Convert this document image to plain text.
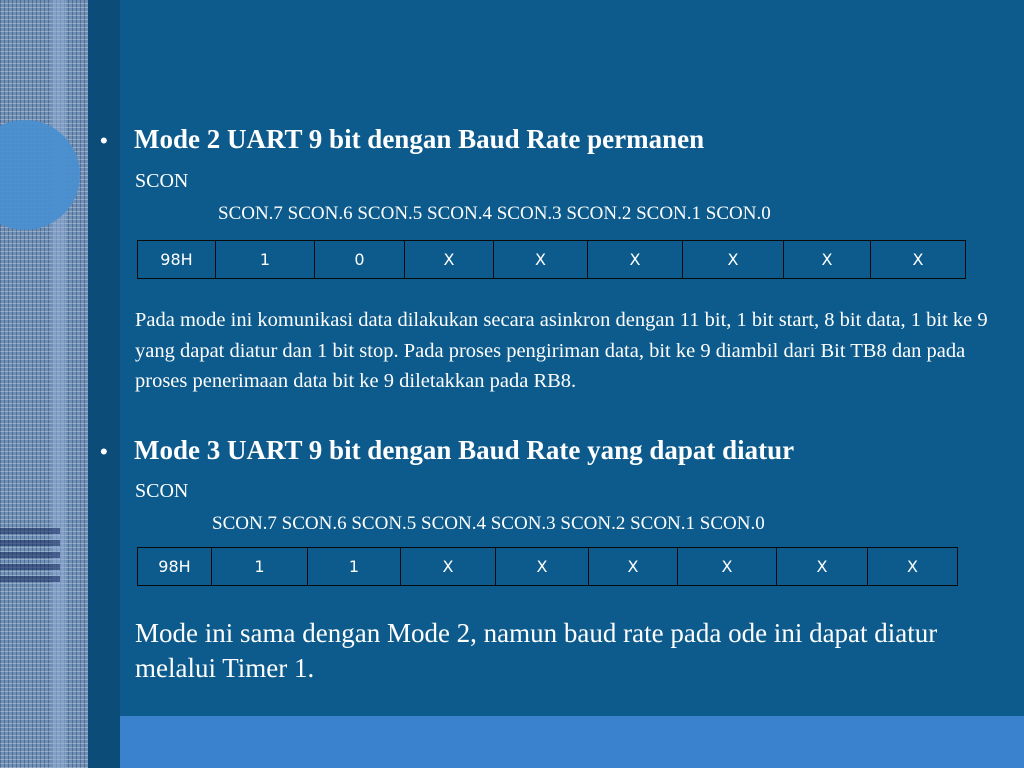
• Mode 2 UART 9 bit dengan Baud Rate permanen
SCON
SCON.7 SCON.6 SCON.5 SCON.4 SCON.3 SCON.2 SCON.1 SCON.0
98H	1	0	X	X	X	X	X	X
Pada mode ini komunikasi data dilakukan secara asinkron dengan 11 bit, 1 bit start, 8 bit data, 1 bit ke 9 yang dapat diatur dan 1 bit stop. Pada proses pengiriman data, bit ke 9 diambil dari Bit TB8 dan pada proses penerimaan data bit ke 9 diletakkan pada RB8.
• Mode 3 UART 9 bit dengan Baud Rate yang dapat diatur
SCON
SCON.7 SCON.6 SCON.5 SCON.4 SCON.3 SCON.2 SCON.1 SCON.0
98H	1	1	X	X	X	X	X	X
Mode ini sama dengan Mode 2, namun baud rate pada ode ini dapat diatur melalui Timer 1.
